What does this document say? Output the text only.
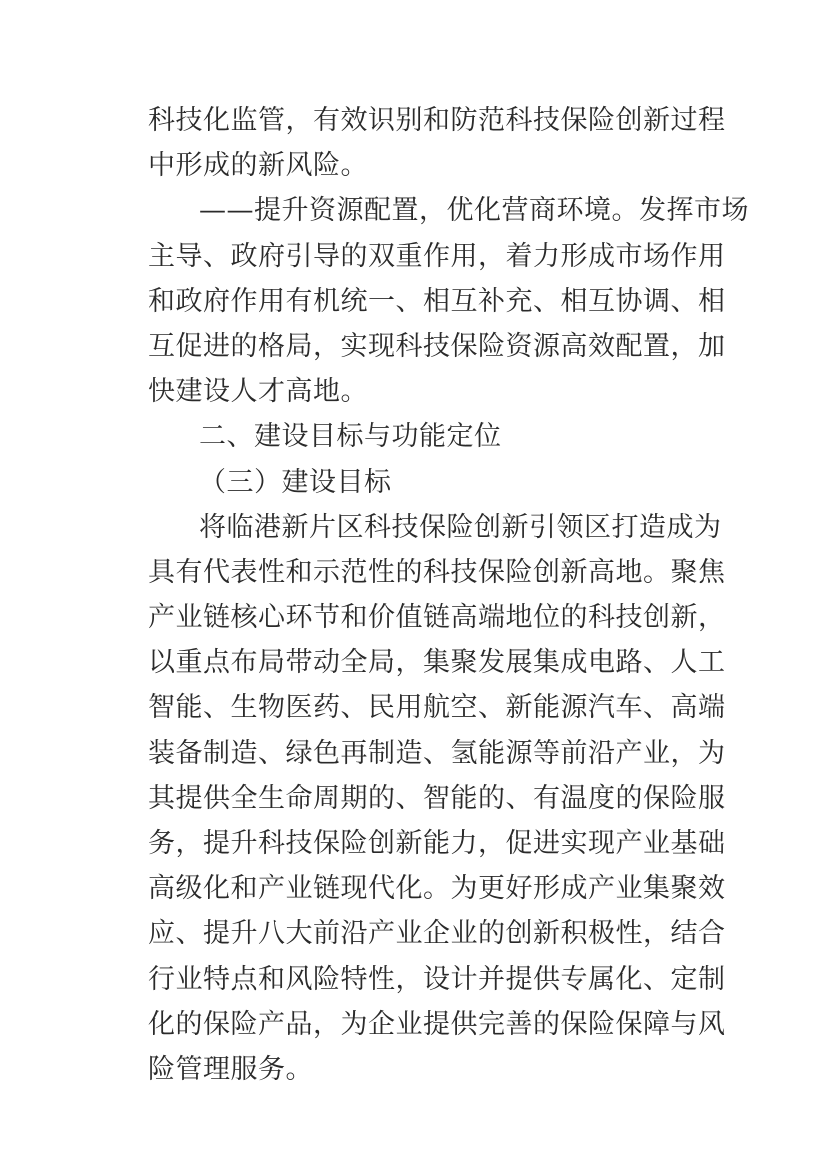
科技化监管，有效识别和防范科技保险创新过程
中形成的新风险。
——提升资源配置，优化营商环境。发挥市场
主导、政府引导的双重作用，着力形成市场作用
和政府作用有机统一、相互补充、相互协调、相
互促进的格局，实现科技保险资源高效配置，加
快建设人才高地。
二、建设目标与功能定位
（三）建设目标
将临港新片区科技保险创新引领区打造成为
具有代表性和示范性的科技保险创新高地。聚焦
产业链核心环节和价值链高端地位的科技创新，
以重点布局带动全局，集聚发展集成电路、人工
智能、生物医药、民用航空、新能源汽车、高端
装备制造、绿色再制造、氢能源等前沿产业，为
其提供全生命周期的、智能的、有温度的保险服
务，提升科技保险创新能力，促进实现产业基础
高级化和产业链现代化。为更好形成产业集聚效
应、提升八大前沿产业企业的创新积极性，结合
行业特点和风险特性，设计并提供专属化、定制
化的保险产品，为企业提供完善的保险保障与风
险管理服务。
